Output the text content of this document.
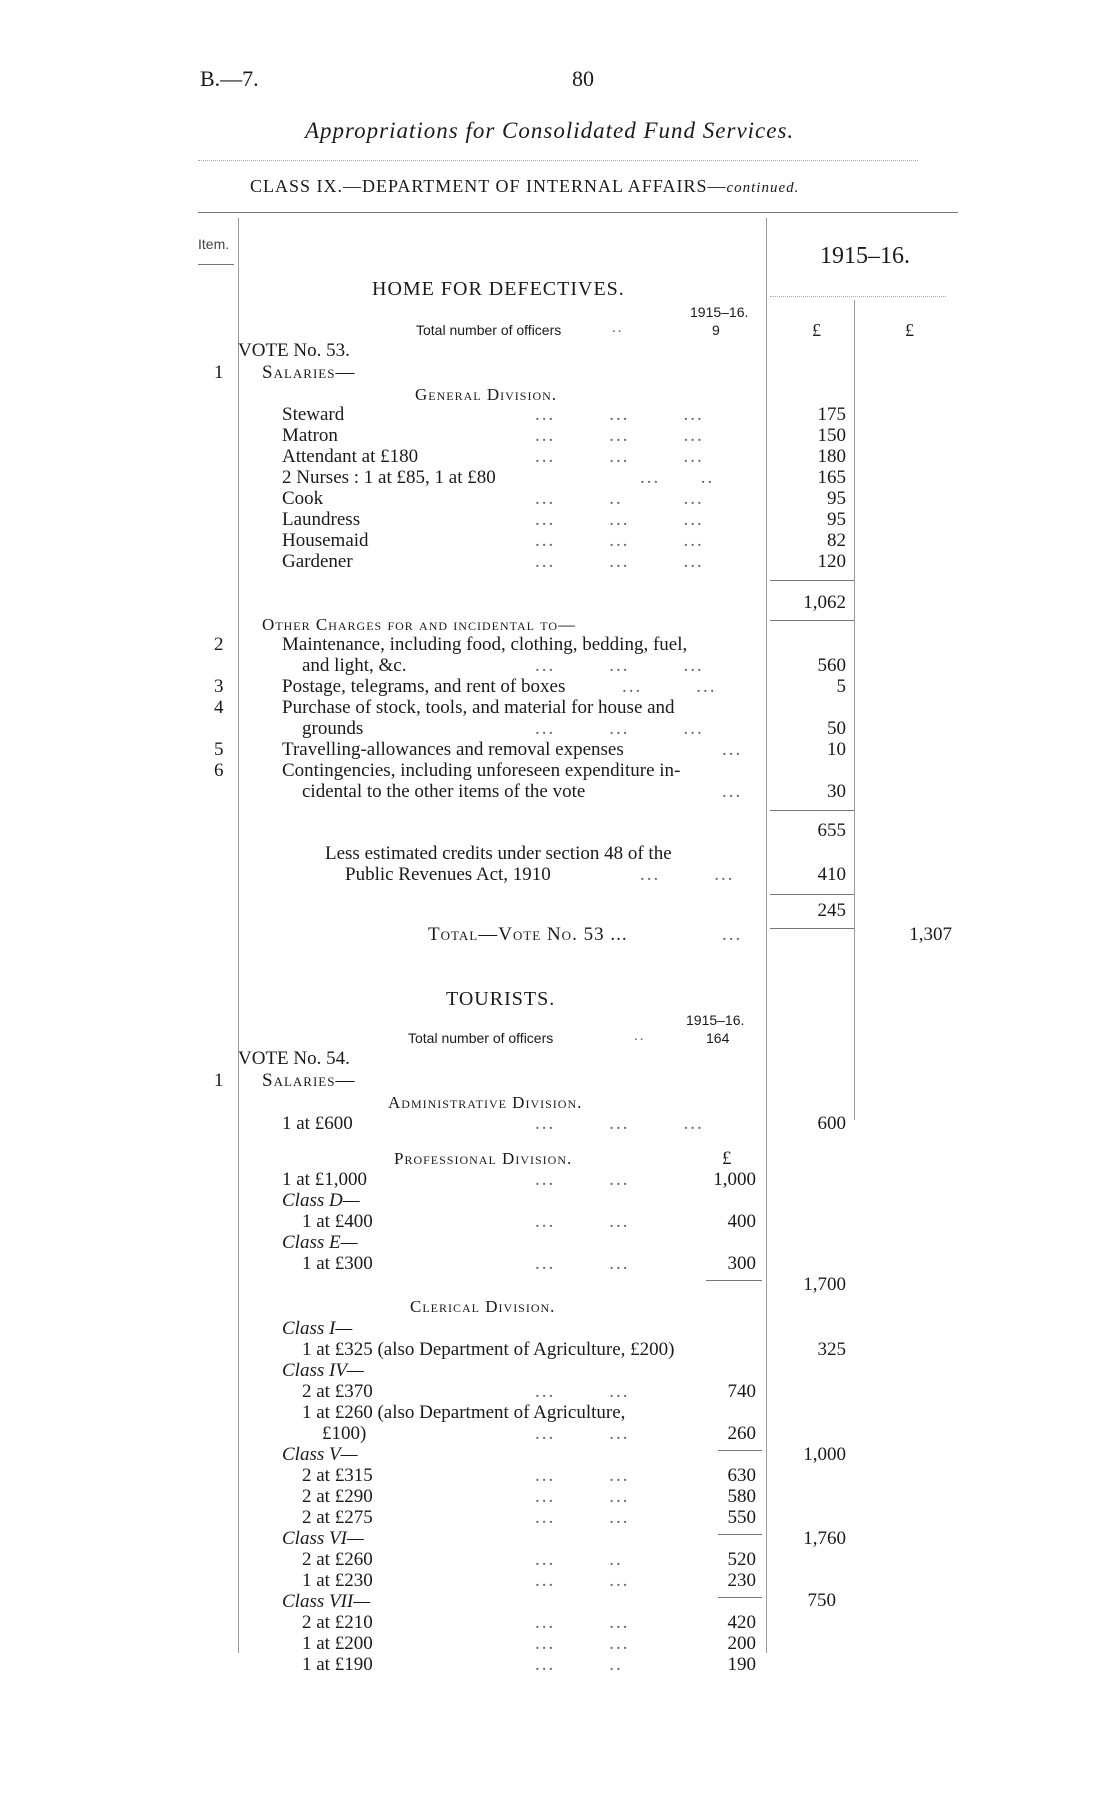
B.—7.	80
Appropriations for Consolidated Fund Services.
CLASS IX.—DEPARTMENT OF INTERNAL AFFAIRS—continued.
Item.	1915–16.
HOME FOR DEFECTIVES.
1915–16.
Total number of officers	..	9	£	£
VOTE No. 53.
1 Salaries—
General Division.
Steward	...        ...        ...	175
Matron	...        ...        ...	150
Attendant at £180	...        ...        ...	180
2 Nurses : 1 at £85, 1 at £80	...      ..	165
Cook	...        ..         ...	95
Laundress	...        ...        ...	95
Housemaid	...        ...        ...	82
Gardener	...        ...        ...	120
1,062
Other Charges for and incidental to—
2	Maintenance, including food, clothing, bedding, fuel,
and light, &c.	...        ...        ...	560
3	Postage, telegrams, and rent of boxes	...        ...	5
4	Purchase of stock, tools, and material for house and
grounds	...        ...        ...	50
5	Travelling-allowances and removal expenses	...	10
6	Contingencies, including unforeseen expenditure in-
cidental to the other items of the vote	...	30
655
Less estimated credits under section 48 of the
Public Revenues Act, 1910	...        ...	410
245
Total—Vote No. 53 ...	...	1,307
TOURISTS.
1915–16.
Total number of officers	..	164
VOTE No. 54.
1 Salaries—
Administrative Division.
1 at £600	...        ...        ...	600
Professional Division.	£
1 at £1,000	...        ...	1,000
Class D—
1 at £400	...        ...	400
Class E—
1 at £300	...        ...	300
1,700
Clerical Division.
Class I—
1 at £325 (also Department of Agriculture, £200)	325
Class IV—
2 at £370	...        ...	740
1 at £260 (also Department of Agriculture,
£100)	...        ...	260
1,000
Class V—
2 at £315	...        ...	630
2 at £290	...        ...	580
2 at £275	...        ...	550
1,760
Class VI—
2 at £260	...        ..	520
1 at £230	...        ...	230
750
Class VII—
2 at £210	...        ...	420
1 at £200	...        ...	200
1 at £190	...        ..	190
